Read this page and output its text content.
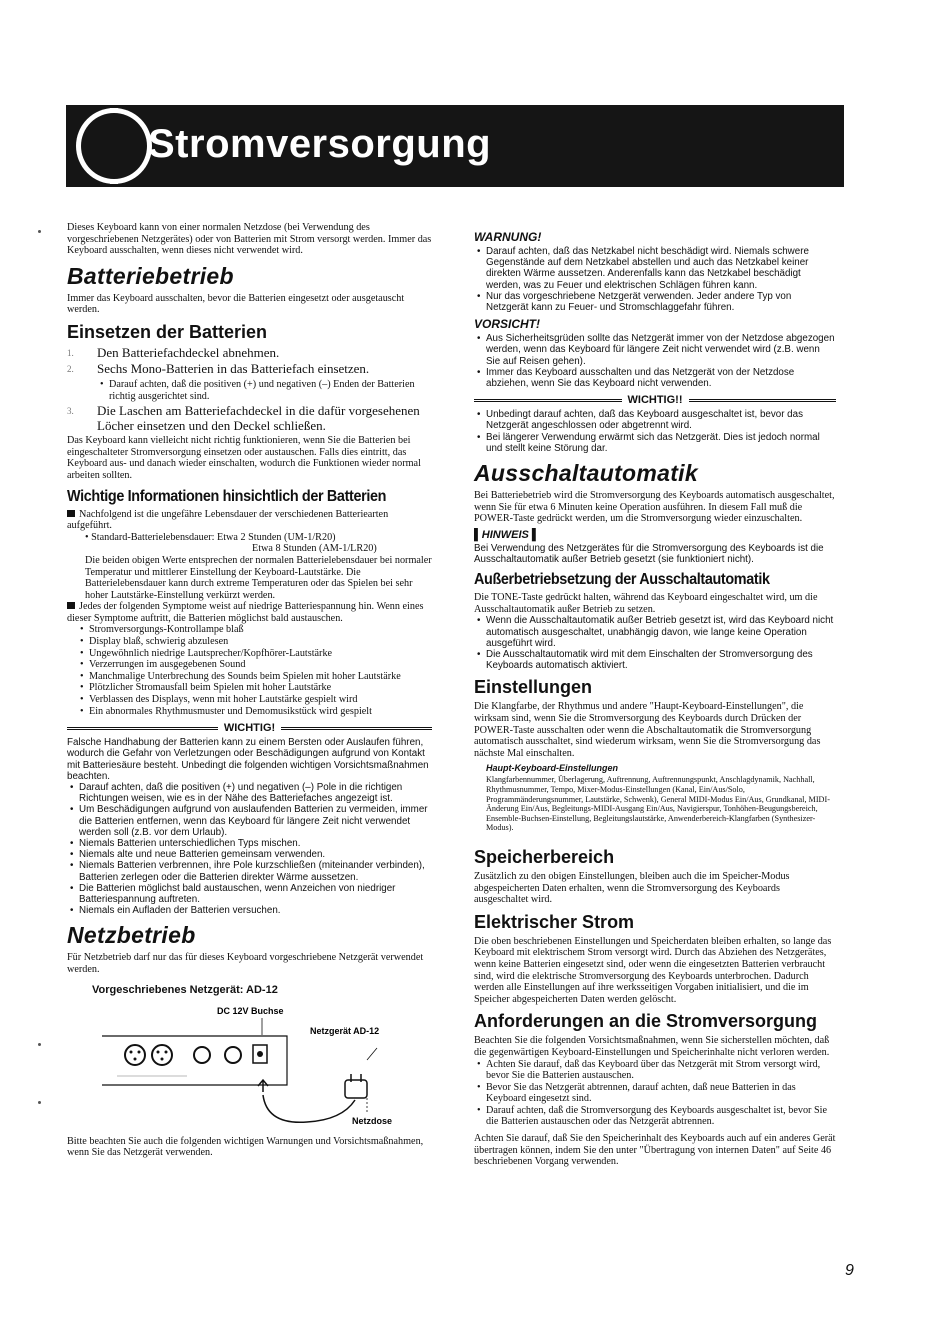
Stromversorgung

Dieses Keyboard kann von einer normalen Netzdose (bei Verwendung des vorgeschriebenen Netzgerätes) oder von Batterien mit Strom versorgt werden. Immer das Keyboard ausschalten, wenn dieses nicht verwendet wird.

Batteriebetrieb

Immer das Keyboard ausschalten, bevor die Batterien eingesetzt oder ausgetauscht werden.

Einsetzen der Batterien
1.	Den Batteriefachdeckel abnehmen.
2.	Sechs Mono-Batterien in das Batteriefach einsetzen.
• Darauf achten, daß die positiven (+) und negativen (–) Enden der Batterien richtig ausgerichtet sind.
3.	Die Laschen am Batteriefachdeckel in die dafür vorgesehenen Löcher einsetzen und den Deckel schließen.

Das Keyboard kann vielleicht nicht richtig funktionieren, wenn Sie die Batterien bei eingeschalteter Stromversorgung einsetzen oder austauschen. Falls dies eintritt, das Keyboard aus- und danach wieder einschalten, wodurch die Funktionen wieder normal arbeiten sollten.

Wichtige Informationen hinsichtlich der Batterien

Nachfolgend ist die ungefähre Lebensdauer der verschiedenen Batteriearten aufgeführt.

• Standard-Batterielebensdauer: Etwa 2 Stunden (UM-1/R20)

Etwa 8 Stunden (AM-1/LR20)

Die beiden obigen Werte entsprechen der normalen Batterielebensdauer bei normaler Temperatur und mittlerer Einstellung der Keyboard-Lautstärke. Die Batterielebensdauer kann durch extreme Temperaturen oder das Spielen bei sehr hoher Lautstärke-Einstellung verkürzt werden.

Jedes der folgenden Symptome weist auf niedrige Batteriespannung hin. Wenn eines dieser Symptome auftritt, die Batterien möglichst bald austauschen.

• Stromversorgungs-Kontrollampe blaß
• Display blaß, schwierig abzulesen
• Ungewöhnlich niedrige Lautsprecher/Kopfhörer-Lautstärke
• Verzerrungen im ausgegebenen Sound
• Manchmalige Unterbrechung des Sounds beim Spielen mit hoher Lautstärke
• Plötzlicher Stromausfall beim Spielen mit hoher Lautstärke
• Verblassen des Displays, wenn mit hoher Lautstärke gespielt wird
• Ein abnormales Rhythmusmuster und Demomusikstück wird gespielt
WICHTIG!

Falsche Handhabung der Batterien kann zu einem Bersten oder Auslaufen führen, wodurch die Gefahr von Verletzungen oder Beschädigungen aufgrund von Kontakt mit Batteriesäure besteht. Unbedingt die folgenden wichtigen Vorsichtsmaßnahmen beachten.

• Darauf achten, daß die positiven (+) und negativen (–) Pole in die richtigen Richtungen weisen, wie es in der Nähe des Batteriefaches angezeigt ist.
• Um Beschädigungen aufgrund von auslaufenden Batterien zu vermeiden, immer die Batterien entfernen, wenn das Keyboard für längere Zeit nicht verwendet werden soll (z.B. vor dem Urlaub).
• Niemals Batterien unterschiedlichen Typs mischen.
• Niemals alte und neue Batterien gemeinsam verwenden.
• Niemals Batterien verbrennen, ihre Pole kurzschließen (miteinander verbinden), Batterien zerlegen oder die Batterien direkter Wärme aussetzen.
• Die Batterien möglichst bald austauschen, wenn Anzeichen von niedriger Batteriespannung auftreten.
• Niemals ein Aufladen der Batterien versuchen.
Netzbetrieb

Für Netzbetrieb darf nur das für dieses Keyboard vorgeschriebene Netzgerät verwendet werden.

Vorgeschriebenes Netzgerät: AD-12

DC 12V Buchse
Netzgerät AD-12
Netzdose

Bitte beachten Sie auch die folgenden wichtigen Warnungen und Vorsichtsmaßnahmen, wenn Sie das Netzgerät verwenden.

WARNUNG!
• Darauf achten, daß das Netzkabel nicht beschädigt wird. Niemals schwere Gegenstände auf dem Netzkabel abstellen und auch das Netzkabel keiner direkten Wärme aussetzen. Anderenfalls kann das Netzkabel beschädigt werden, was zu Feuer und elektrischen Schlägen führen kann.
• Nur das vorgeschriebene Netzgerät verwenden. Jeder andere Typ von Netzgerät kann zu Feuer- und Stromschlaggefahr führen.
VORSICHT!
• Aus Sicherheitsgrüden sollte das Netzgerät immer von der Netzdose abgezogen werden, wenn das Keyboard für längere Zeit nicht verwendet wird (z.B. wenn Sie auf Reisen gehen).
• Immer das Keyboard ausschalten und das Netzgerät von der Netzdose abziehen, wenn Sie das Keyboard nicht verwenden.
WICHTIG!!
• Unbedingt darauf achten, daß das Keyboard ausgeschaltet ist, bevor das Netzgerät angeschlossen oder abgetrennt wird.
• Bei längerer Verwendung erwärmt sich das Netzgerät. Dies ist jedoch normal und stellt keine Störung dar.
Ausschaltautomatik

Bei Batteriebetrieb wird die Stromversorgung des Keyboards automatisch ausgeschaltet, wenn Sie für etwa 6 Minuten keine Operation ausführen. In diesem Fall muß die POWER-Taste gedrückt werden, um die Stromversorgung wieder einzuschalten.

▌HINWEIS ▌

Bei Verwendung des Netzgerätes für die Stromversorgung des Keyboards ist die Ausschaltautomatik außer Betrieb gesetzt (sie funktioniert nicht).

Außerbetriebsetzung der Ausschaltautomatik

Die TONE-Taste gedrückt halten, während das Keyboard eingeschaltet wird, um die Ausschaltautomatik außer Betrieb zu setzen.

• Wenn die Ausschaltautomatik außer Betrieb gesetzt ist, wird das Keyboard nicht automatisch ausgeschaltet, unabhängig davon, wie lange keine Operation ausgeführt wird.
• Die Ausschaltautomatik wird mit dem Einschalten der Stromversorgung des Keyboards automatisch aktiviert.
Einstellungen

Die Klangfarbe, der Rhythmus und andere "Haupt-Keyboard-Einstellungen", die wirksam sind, wenn Sie die Stromversorgung des Keyboards durch Drücken der POWER-Taste ausschalten oder wenn die Abschaltautomatik die Stromversorgung automatisch ausschaltet, sind wiederum wirksam, wenn Sie die Stromversorgung das nächste Mal einschalten.

Haupt-Keyboard-Einstellungen

Klangfarbennummer, Überlagerung, Auftrennung, Auftrennungspunkt, Anschlagdynamik, Nachhall, Rhythmusnummer, Tempo, Mixer-Modus-Einstellungen (Kanal, Ein/Aus/Solo, Programmänderungsnummer, Lautstärke, Schwenk), General MIDI-Modus Ein/Aus, Grundkanal, MIDI-Änderung Ein/Aus, Begleitungs-MIDI-Ausgang Ein/Aus, Navigierspur, Tonhöhen-Beugungsbereich, Ensemble-Buchsen-Einstellung, Begleitungslautstärke, Anwenderbereich-Klangfarben (Synthesizer-Modus).

Speicherbereich

Zusätzlich zu den obigen Einstellungen, bleiben auch die im Speicher-Modus abgespeicherten Daten erhalten, wenn die Stromversorgung des Keyboards ausgeschaltet wird.

Elektrischer Strom

Die oben beschriebenen Einstellungen und Speicherdaten bleiben erhalten, so lange das Keyboard mit elektrischem Strom versorgt wird. Durch das Abziehen des Netzgerätes, wenn keine Batterien eingesetzt sind, oder wenn die eingesetzten Batterien verbraucht sind, wird die elektrische Stromversorgung des Keyboards unterbrochen. Dadurch werden alle Einstellungen auf ihre werksseitigen Vorgaben initialisiert, und die im Speicher abgespeicherten Daten werden gelöscht.

Anforderungen an die Stromversorgung

Beachten Sie die folgenden Vorsichtsmaßnahmen, wenn Sie sicherstellen möchten, daß die gegenwärtigen Keyboard-Einstellungen und Speicherinhalte nicht verloren werden.

• Achten Sie darauf, daß das Keyboard über das Netzgerät mit Strom versorgt wird, bevor Sie die Batterien austauschen.
• Bevor Sie das Netzgerät abtrennen, darauf achten, daß neue Batterien in das Keyboard eingesetzt sind.
• Darauf achten, daß die Stromversorgung des Keyboards ausgeschaltet ist, bevor Sie die Batterien austauschen oder das Netzgerät abtrennen.

Achten Sie darauf, daß Sie den Speicherinhalt des Keyboards auch auf ein anderes Gerät übertragen können, indem Sie den unter "Übertragung von internen Daten" auf Seite 46 beschriebenen Vorgang verwenden.

9
